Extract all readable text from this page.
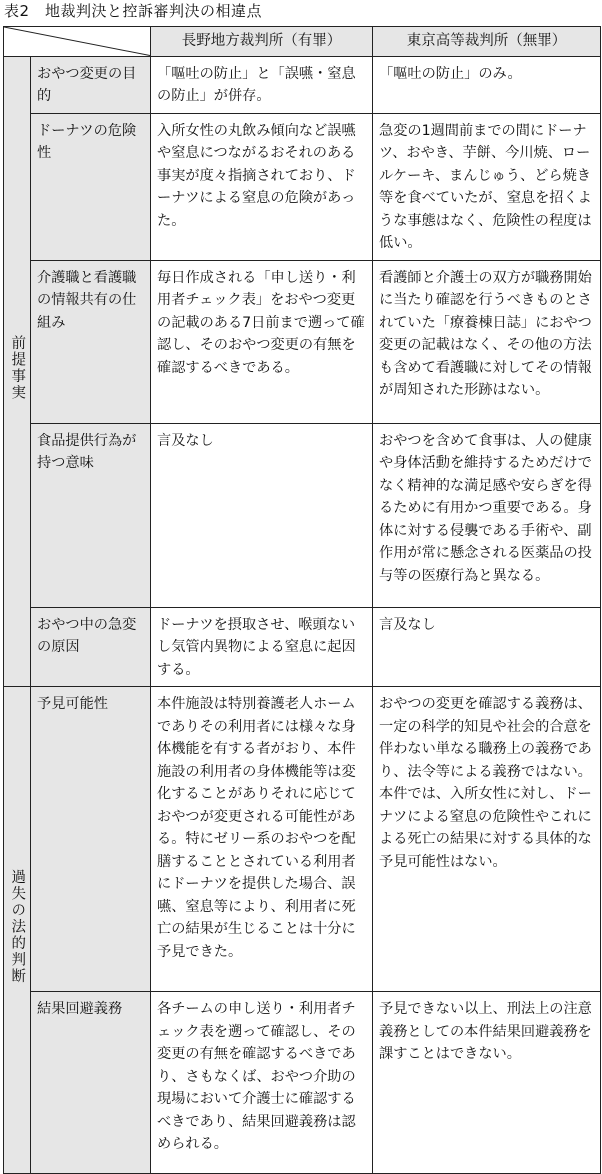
表2　地裁判決と控訴審判決の相違点
	長野地方裁判所（有罪）	東京高等裁判所（無罪）
前提事実	おやつ変更の目的	「嘔吐の防止」と「誤嚥・窒息の防止」が併存。	「嘔吐の防止」のみ。
	ドーナツの危険性	入所女性の丸飲み傾向など誤嚥や窒息につながるおそれのある事実が度々指摘されており、ドーナツによる窒息の危険があった。	急変の1週間前までの間にドーナツ、おやき、芋餅、今川焼、ロールケーキ、まんじゅう、どら焼き等を食べていたが、窒息を招くような事態はなく、危険性の程度は低い。
	介護職と看護職の情報共有の仕組み	毎日作成される「申し送り・利用者チェック表」をおやつ変更の記載のある7日前まで遡って確認し、そのおやつ変更の有無を確認するべきである。	看護師と介護士の双方が職務開始に当たり確認を行うべきものとされていた「療養棟日誌」におやつ変更の記載はなく、その他の方法も含めて看護職に対してその情報が周知された形跡はない。
	食品提供行為が持つ意味	言及なし	おやつを含めて食事は、人の健康や身体活動を維持するためだけでなく精神的な満足感や安らぎを得るために有用かつ重要である。身体に対する侵襲である手術や、副作用が常に懸念される医薬品の投与等の医療行為と異なる。
	おやつ中の急変の原因	ドーナツを摂取させ、喉頭ないし気管内異物による窒息に起因する。	言及なし
過失の法的判断	予見可能性	本件施設は特別養護老人ホームでありその利用者には様々な身体機能を有する者がおり、本件施設の利用者の身体機能等は変化することがありそれに応じておやつが変更される可能性がある。特にゼリー系のおやつを配膳することとされている利用者にドーナツを提供した場合、誤嚥、窒息等により、利用者に死亡の結果が生じることは十分に予見できた。	おやつの変更を確認する義務は、一定の科学的知見や社会的合意を伴わない単なる職務上の義務であり、法令等による義務ではない。本件では、入所女性に対し、ドーナツによる窒息の危険性やこれによる死亡の結果に対する具体的な予見可能性はない。
	結果回避義務	各チームの申し送り・利用者チェック表を遡って確認し、その変更の有無を確認するべきであり、さもなくば、おやつ介助の現場において介護士に確認するべきであり、結果回避義務は認められる。	予見できない以上、刑法上の注意義務としての本件結果回避義務を課すことはできない。
